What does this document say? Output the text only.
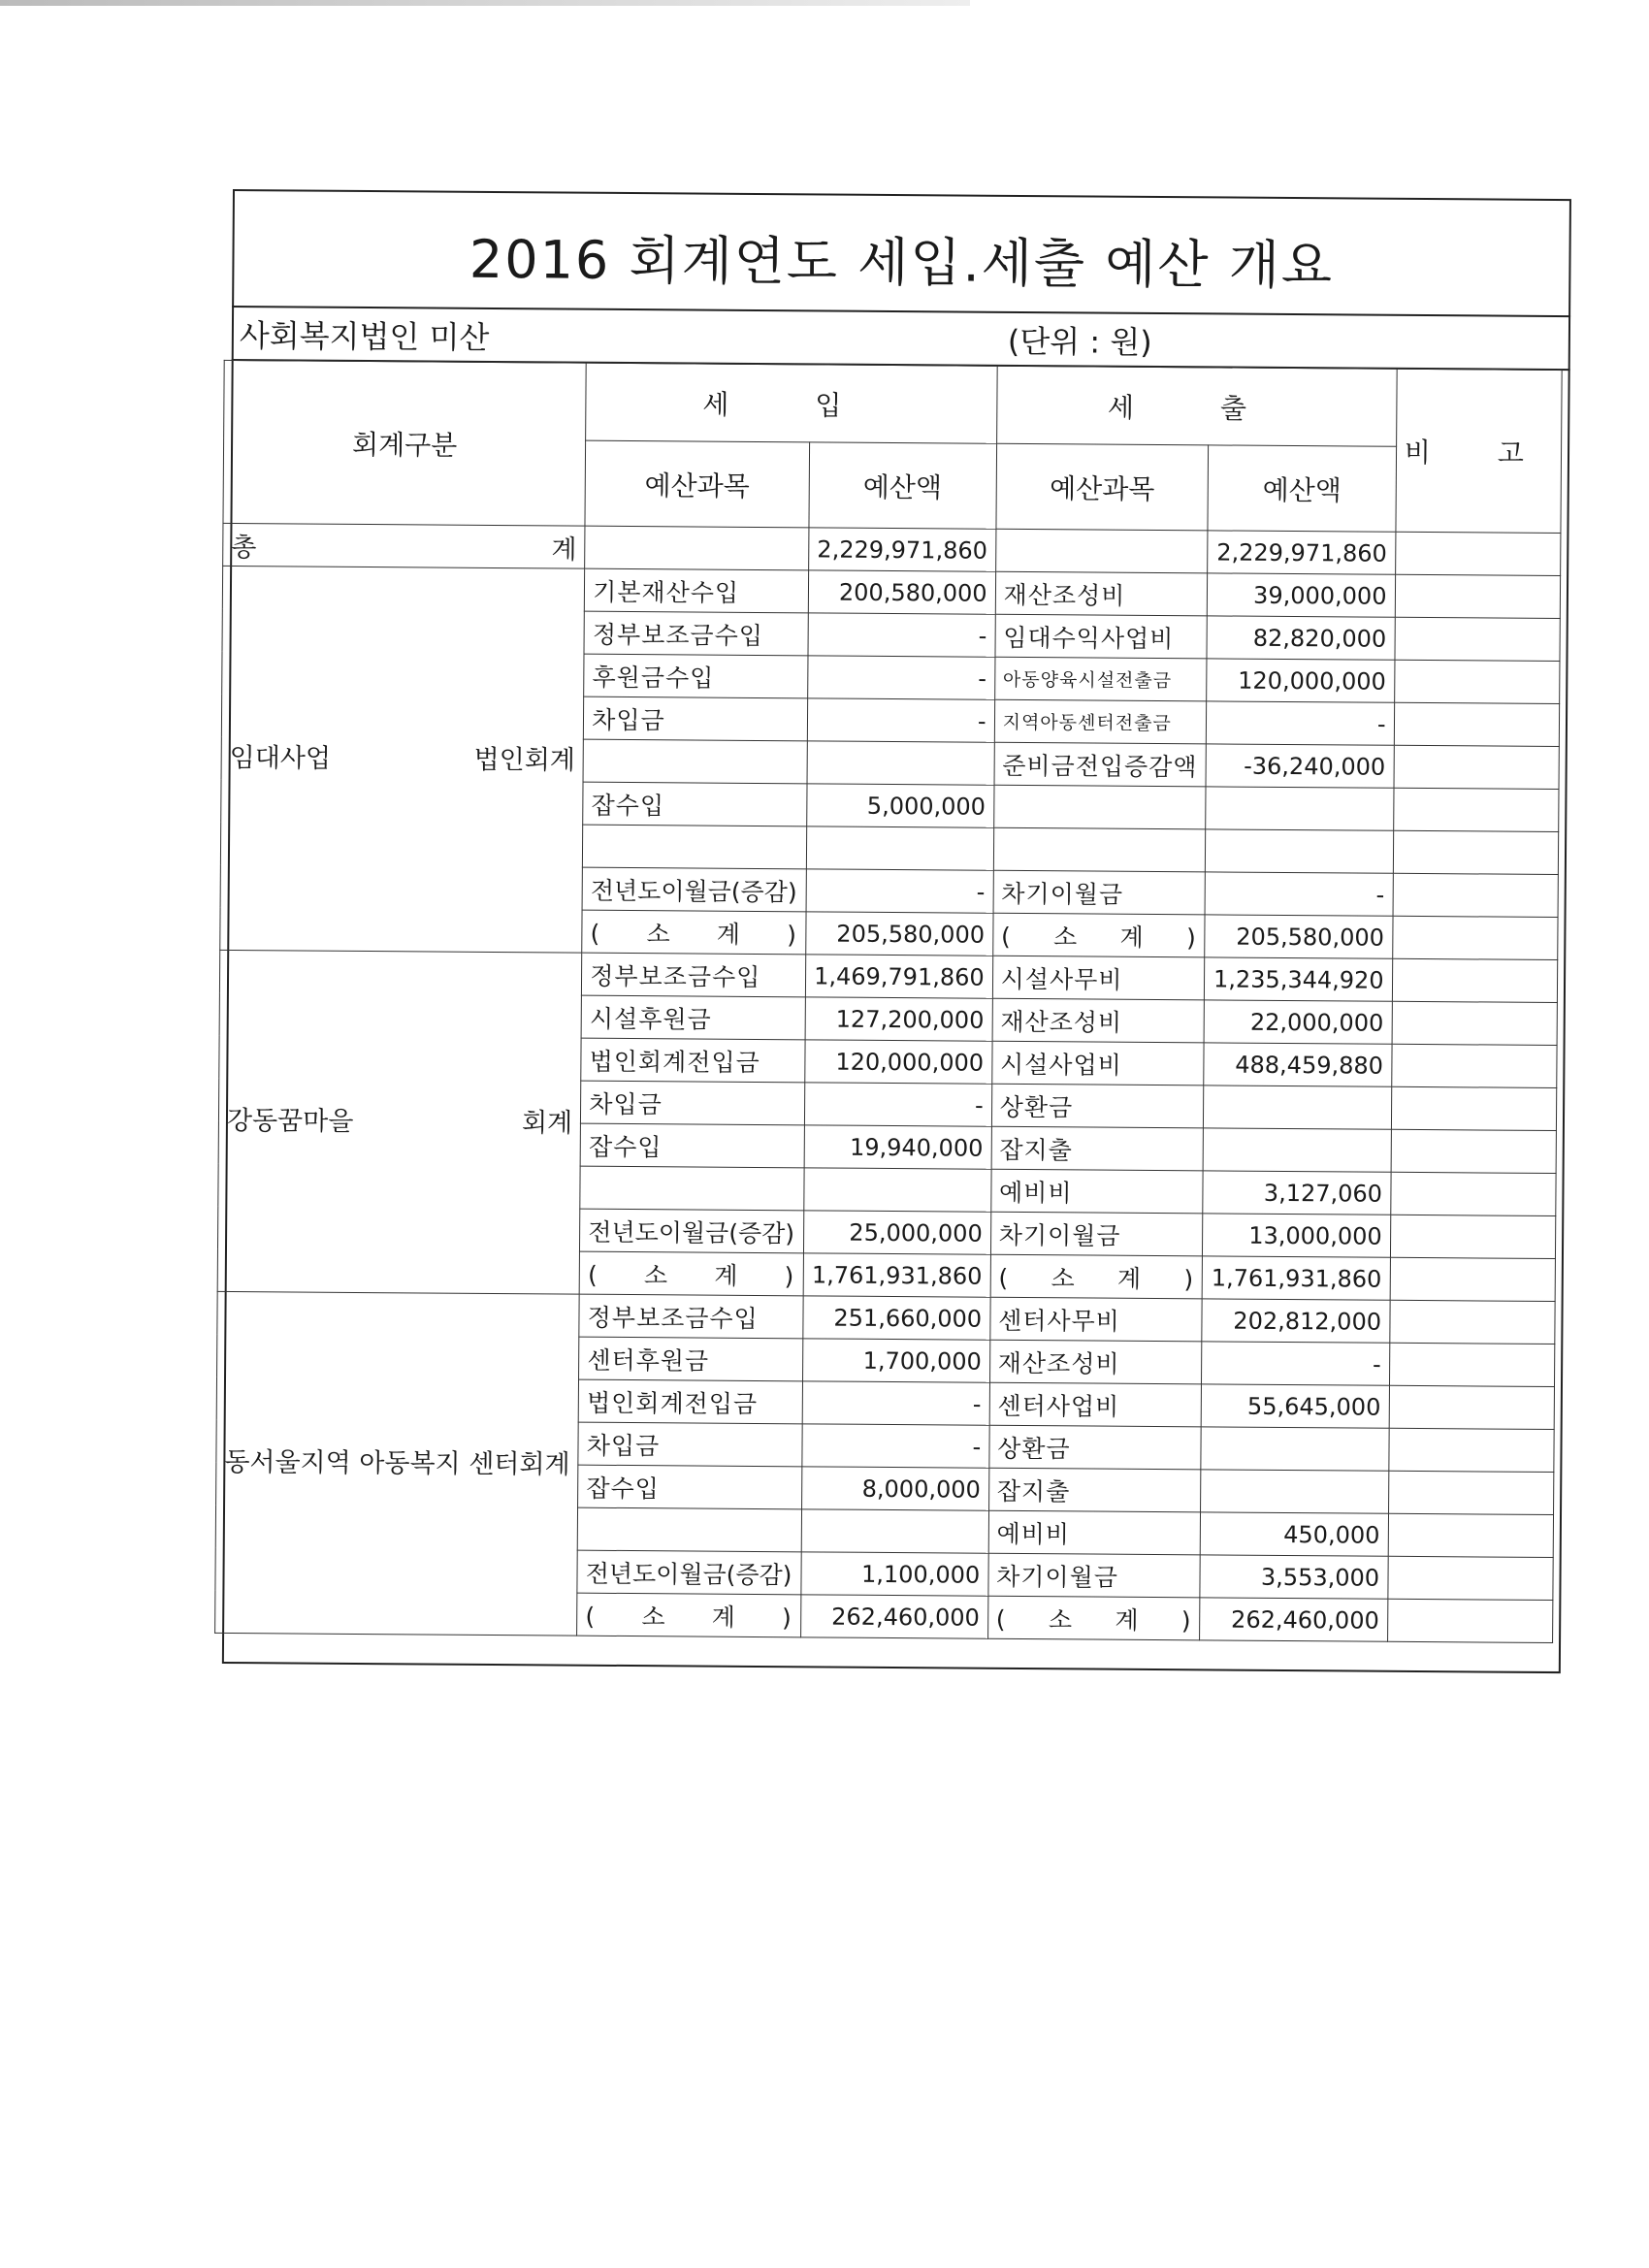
2016 회계연도 세입.세출 예산 개요
사회복지법인 미산	(단위 : 원)
회계구분	세 입		세 출		비 고
	예산과목	예산액	예산과목	예산액	
총 계		2,229,971,860		2,229,971,860	
임대사업 법인회계	기본재산수입	200,580,000	재산조성비	39,000,000	
	정부보조금수입	-	임대수익사업비	82,820,000	
	후원금수입	-	아동양육시설전출금	120,000,000	
	차입금	-	지역아동센터전출금	-	
			준비금전입증감액	-36,240,000	
	잡수입	5,000,000			

	전년도이월금(증감)	-	차기이월금	-	
	( 소 계 )	205,580,000	( 소 계 )	205,580,000	
강동꿈마을 회계	정부보조금수입	1,469,791,860	시설사무비	1,235,344,920	
	시설후원금	127,200,000	재산조성비	22,000,000	
	법인회계전입금	120,000,000	시설사업비	488,459,880	
	차입금	-	상환금		
	잡수입	19,940,000	잡지출		
			예비비	3,127,060	
	전년도이월금(증감)	25,000,000	차기이월금	13,000,000	
	( 소 계 )	1,761,931,860	( 소 계 )	1,761,931,860	
동서울지역 아동복지 센터회계	정부보조금수입	251,660,000	센터사무비	202,812,000	
	센터후원금	1,700,000	재산조성비	-	
	법인회계전입금	-	센터사업비	55,645,000	
	차입금	-	상환금		
	잡수입	8,000,000	잡지출		
			예비비	450,000	
	전년도이월금(증감)	1,100,000	차기이월금	3,553,000	
	( 소 계 )	262,460,000	( 소 계 )	262,460,000	
